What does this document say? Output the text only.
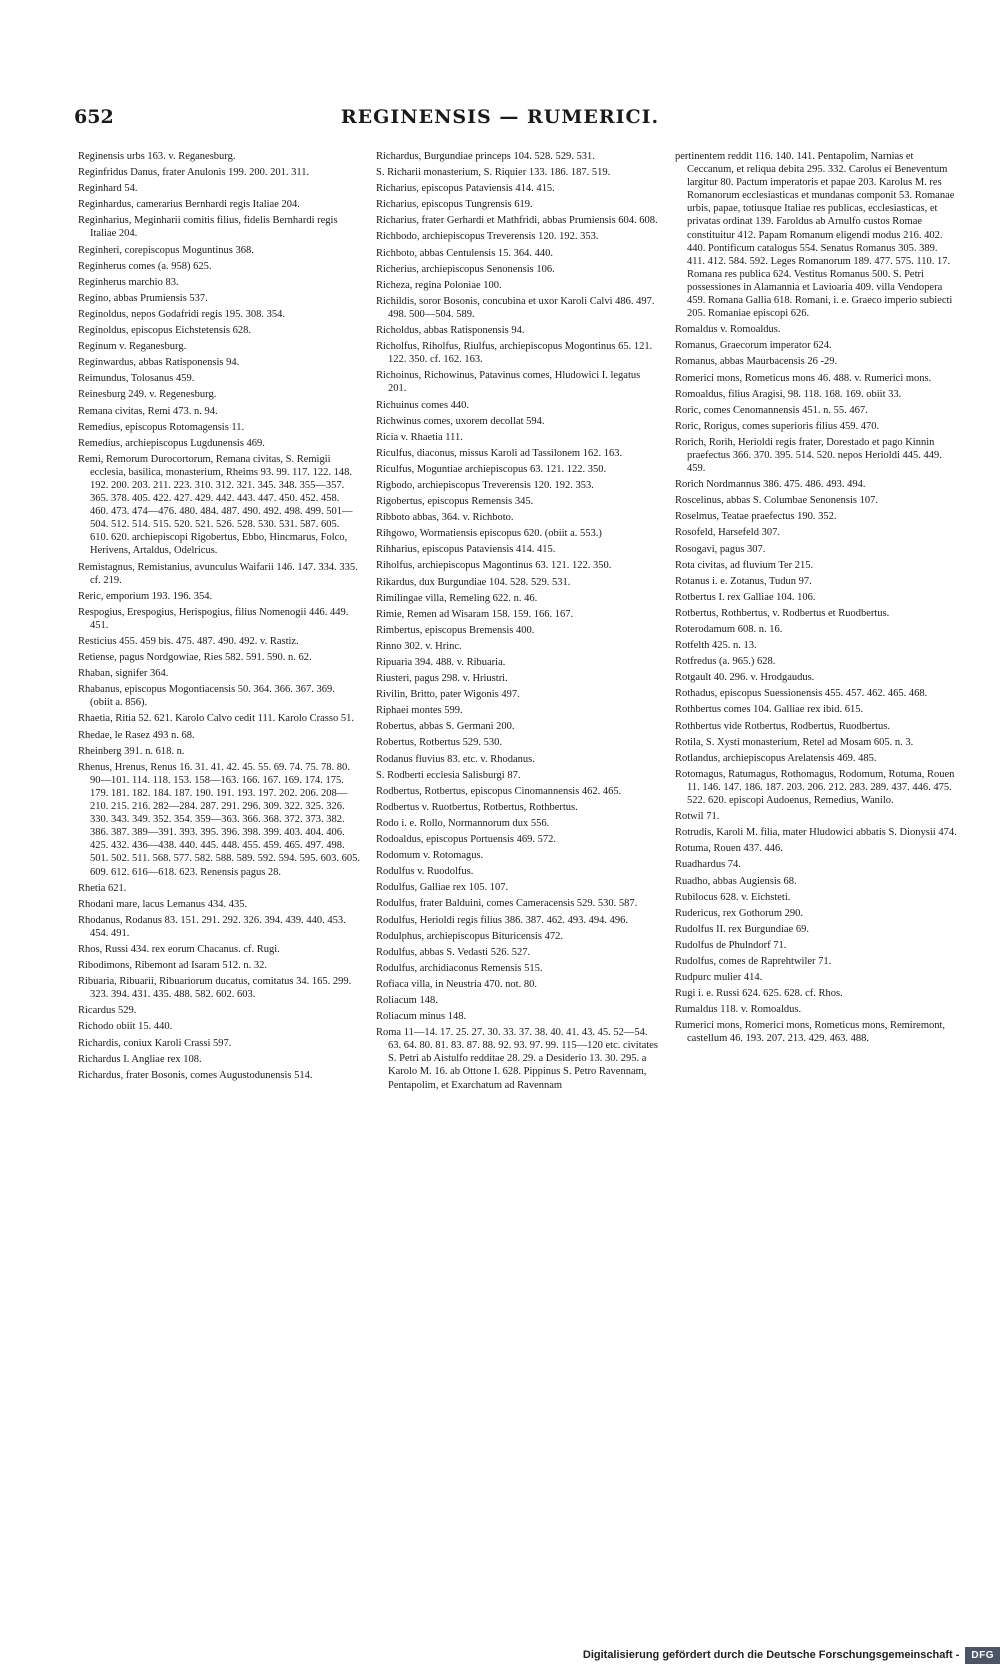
652	REGINENSIS — RUMERICI.
Reginensis urbs 163. v. Reganesburg.
Reginfridus Danus, frater Anulonis 199. 200. 201. 311.
Reginhard 54.
Reginhardus, camerarius Bernhardi regis Italiae 204.
Reginharius, Meginharii comitis filius, fidelis Bernhardi regis Italiae 204.
Reginheri, corepiscopus Moguntinus 368.
Reginherus comes (a. 958) 625.
Reginherus marchio 83.
Regino, abbas Prumiensis 537.
Reginoldus, nepos Godafridi regis 195. 308. 354.
Reginoldus, episcopus Eichstetensis 628.
Reginum v. Reganesburg.
Reginwardus, abbas Ratisponensis 94.
Reimundus, Tolosanus 459.
Reinesburg 249. v. Regenesburg.
Remana civitas, Remi 473. n. 94.
Remedius, episcopus Rotomagensis 11.
Remedius, archiepiscopus Lugdunensis 469.
Remi, Remorum Durocortorum, Remana civitas, S. Remigii ecclesia, basilica, monasterium, Rheims 93. 99. 117. 122. 148. 192. 200. 203. 211. 223. 310. 312. 321. 345. 348. 355—357. 365. 378. 405. 422. 427. 429. 442. 443. 447. 450. 452. 458. 460. 473. 474—476. 480. 484. 487. 490. 492. 498. 499. 501—504. 512. 514. 515. 520. 521. 526. 528. 530. 531. 587. 605. 610. 620. archiepiscopi Rigobertus, Ebbo, Hincmarus, Folco, Herivens, Artaldus, Odelricus.
Remistagnus, Remistanius, avunculus Waifarii 146. 147. 334. 335. cf. 219.
Reric, emporium 193. 196. 354.
Respogius, Erespogius, Herispogius, filius Nomenogii 446. 449. 451.
Resticius 455. 459 bis. 475. 487. 490. 492. v. Rastiz.
Retiense, pagus Nordgowiae, Ries 582. 591. 590. n. 62.
Rhaban, signifer 364.
Rhabanus, episcopus Mogontiacensis 50. 364. 366. 367. 369. (obiit a. 856).
Rhaetia, Ritia 52. 621. Karolo Calvo cedit 111. Karolo Crasso 51.
Rhedae, le Rasez 493 n. 68.
Rheinberg 391. n. 618. n.
Rhenus, Hrenus, Renus 16. 31. 41. 42. 45. 55. 69. 74. 75. 78. 80. 90—101. 114. 118. 153. 158—163. 166. 167. 169. 174. 175. 179. 181. 182. 184. 187. 190. 191. 193. 197. 202. 206. 208—210. 215. 216. 282—284. 287. 291. 296. 309. 322. 325. 326. 330. 343. 349. 352. 354. 359—363. 366. 368. 372. 373. 382. 386. 387. 389—391. 393. 395. 396. 398. 399. 403. 404. 406. 425. 432. 436—438. 440. 445. 448. 455. 459. 465. 497. 498. 501. 502. 511. 568. 577. 582. 588. 589. 592. 594. 595. 603. 605. 609. 612. 616—618. 623. Renensis pagus 28.
Rhetia 621.
Rhodani mare, lacus Lemanus 434. 435.
Rhodanus, Rodanus 83. 151. 291. 292. 326. 394. 439. 440. 453. 454. 491.
Rhos, Russi 434. rex eorum Chacanus. cf. Rugi.
Ribodimons, Ribemont ad Isaram 512. n. 32.
Ribuaria, Ribuarii, Ribuariorum ducatus, comitatus 34. 165. 299. 323. 394. 431. 435. 488. 582. 602. 603.
Ricardus 529.
Richodo obiit 15. 440.
Richardis, coniux Karoli Crassi 597.
Richardus I. Angliae rex 108.
Richardus, frater Bosonis, comes Augustodunensis 514.
Richardus, Burgundiae princeps 104. 528. 529. 531.
S. Richarii monasterium, S. Riquier 133. 186. 187. 519.
Richarius, episcopus Pataviensis 414. 415.
Richarius, episcopus Tungrensis 619.
Richarius, frater Gerhardi et Mathfridi, abbas Prumiensis 604. 608.
Richbodo, archiepiscopus Treverensis 120. 192. 353.
Richboto, abbas Centulensis 15. 364. 440.
Richerius, archiepiscopus Senonensis 106.
Richeza, regina Poloniae 100.
Richildis, soror Bosonis, concubina et uxor Karoli Calvi 486. 497. 498. 500—504. 589.
Richoldus, abbas Ratisponensis 94.
Richolfus, Riholfus, Riulfus, archiepiscopus Mogontinus 65. 121. 122. 350. cf. 162. 163.
Richoinus, Richowinus, Patavinus comes, Hludowici I. legatus 201.
Richuinus comes 440.
Richwinus comes, uxorem decollat 594.
Ricia v. Rhaetia 111.
Riculfus, diaconus, missus Karoli ad Tassilonem 162. 163.
Riculfus, Moguntiae archiepiscopus 63. 121. 122. 350.
Rigbodo, archiepiscopus Treverensis 120. 192. 353.
Rigobertus, episcopus Remensis 345.
Ribboto abbas, 364. v. Richboto.
Rihgowo, Wormatiensis episcopus 620. (obiit a. 553.)
Rihharius, episcopus Pataviensis 414. 415.
Riholfus, archiepiscopus Magontinus 63. 121. 122. 350.
Rikardus, dux Burgundiae 104. 528. 529. 531.
Rimilingae villa, Remeling 622. n. 46.
Rimie, Remen ad Wisaram 158. 159. 166. 167.
Rimbertus, episcopus Bremensis 400.
Rinno 302. v. Hrinc.
Ripuaria 394. 488. v. Ribuaria.
Riusteri, pagus 298. v. Hriustri.
Rivilin, Britto, pater Wigonis 497.
Riphaei montes 599.
Robertus, abbas S. Germani 200.
Robertus, Rotbertus 529. 530.
Rodanus fluvius 83. etc. v. Rhodanus.
S. Rodberti ecclesia Salisburgi 87.
Rodbertus, Rotbertus, episcopus Cinomannensis 462. 465.
Rodbertus v. Ruotbertus, Rotbertus, Rothbertus.
Rodo i. e. Rollo, Normannorum dux 556.
Rodoaldus, episcopus Portuensis 469. 572.
Rodomum v. Rotomagus.
Rodulfus v. Ruodolfus.
Rodulfus, Galliae rex 105. 107.
Rodulfus, frater Balduini, comes Cameracensis 529. 530. 587.
Rodulfus, Herioldi regis filius 386. 387. 462. 493. 494. 496.
Rodulphus, archiepiscopus Bituricensis 472.
Rodulfus, abbas S. Vedasti 526. 527.
Rodulfus, archidiaconus Remensis 515.
Rofiaca villa, in Neustria 470. not. 80.
Roliacum 148.
Roliacum minus 148.
Roma 11—14. 17. 25. 27. 30. 33. 37. 38. 40. 41. 43. 45. 52—54. 63. 64. 80. 81. 83. 87. 88. 92. 93. 97. 99. 115—120 etc. civitates S. Petri ab Aistulfo redditae 28. 29. a Desiderio 13. 30. 295. a Karolo M. 16. ab Ottone I. 628. Pippinus S. Petro Ravennam, Pentapolim, et Exarchatum ad Ravennam
pertinentem reddit 116. 140. 141. Pentapolim, Narnias et Ceccanum, et reliqua debita 295. 332. Carolus ei Beneventum largitur 80. Pactum imperatoris et papae 203. Karolus M. res Romanorum ecclesiasticas et mundanas componit 53. Romanae urbis, papae, totiusque Italiae res publicas, ecclesiasticas, et privatas ordinat 139. Faroldus ab Arnulfo custos Romae constituitur 412. Papam Romanum eligendi modus 216. 402. 440. Pontificum catalogus 554. Senatus Romanus 305. 389. 411. 412. 584. 592. Leges Romanorum 189. 477. 575. 110. 17. Romana res publica 624. Vestitus Romanus 500. S. Petri possessiones in Alamannia et Lavioaria 409. villa Vendopera 459. Romana Gallia 618. Romani, i. e. Graeco imperio subiecti 205. Romaniae episcopi 626.
Romaldus v. Romoaldus.
Romanus, Graecorum imperator 624.
Romanus, abbas Maurbacensis 26 -29.
Romerici mons, Rometicus mons 46. 488. v. Rumerici mons.
Romoaldus, filius Aragisi, 98. 118. 168. 169. obiit 33.
Roric, comes Cenomannensis 451. n. 55. 467.
Roric, Rorigus, comes superioris filius 459. 470.
Rorich, Rorih, Herioldi regis frater, Dorestado et pago Kinnin praefectus 366. 370. 395. 514. 520. nepos Herioldi 445. 449. 459.
Rorich Nordmannus 386. 475. 486. 493. 494.
Roscelinus, abbas S. Columbae Senonensis 107.
Roselmus, Teatae praefectus 190. 352.
Rosofeld, Harsefeld 307.
Rosogavi, pagus 307.
Rota civitas, ad fluvium Ter 215.
Rotanus i. e. Zotanus, Tudun 97.
Rotbertus I. rex Galliae 104. 106.
Rotbertus, Rothbertus, v. Rodbertus et Ruodbertus.
Roterodamum 608. n. 16.
Rotfelth 425. n. 13.
Rotfredus (a. 965.) 628.
Rotgault 40. 296. v. Hrodgaudus.
Rothadus, episcopus Suessionensis 455. 457. 462. 465. 468.
Rothbertus comes 104. Galliae rex ibid. 615.
Rothbertus vide Rotbertus, Rodbertus, Ruodbertus.
Rotila, S. Xysti monasterium, Retel ad Mosam 605. n. 3.
Rotlandus, archiepiscopus Arelatensis 469. 485.
Rotomagus, Ratumagus, Rothomagus, Rodomum, Rotuma, Rouen 11. 146. 147. 186. 187. 203. 206. 212. 283. 289. 437. 446. 475. 522. 620. episcopi Audoenus, Remedius, Wanilo.
Rotwil 71.
Rotrudis, Karoli M. filia, mater Hludowici abbatis S. Dionysii 474.
Rotuma, Rouen 437. 446.
Ruadhardus 74.
Ruadho, abbas Augiensis 68.
Rubilocus 628. v. Eichsteti.
Rudericus, rex Gothorum 290.
Rudolfus II. rex Burgundiae 69.
Rudolfus de Phulndorf 71.
Rudolfus, comes de Raprehtwiler 71.
Rudpurc mulier 414.
Rugi i. e. Russi 624. 625. 628. cf. Rhos.
Rumaldus 118. v. Romoaldus.
Rumerici mons, Romerici mons, Rometicus mons, Remiremont, castellum 46. 193. 207. 213. 429. 463. 488.
Digitalisierung gefördert durch die Deutsche Forschungsgemeinschaft -	DFG
